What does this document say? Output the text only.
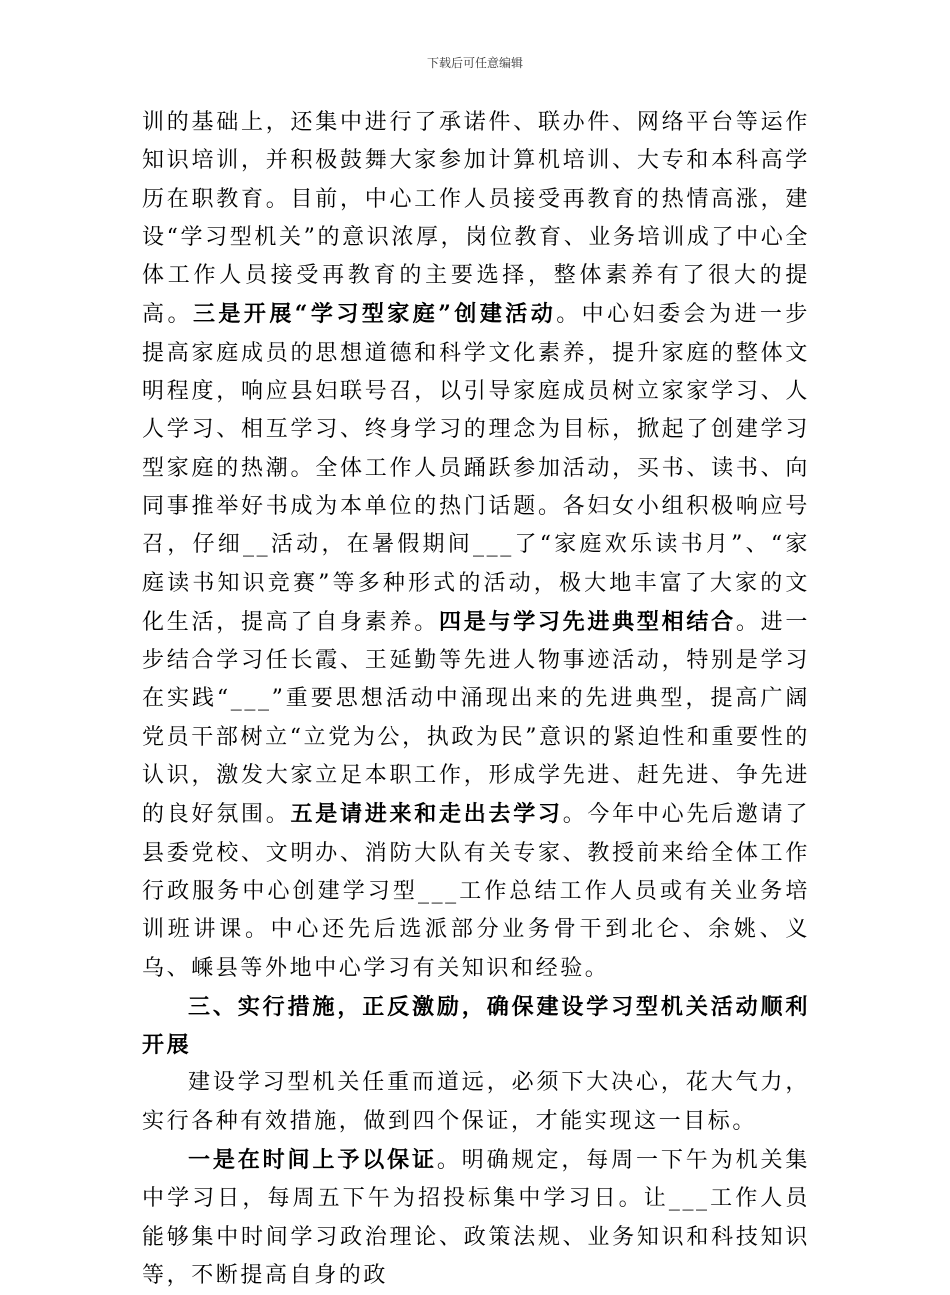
下载后可任意编辑

训的基础上，还集中进行了承诺件、联办件、网络平台等运作知识培训，并积极鼓舞大家参加计算机培训、大专和本科高学历在职教育。目前，中心工作人员接受再教育的热情高涨，建设“学习型机关”的意识浓厚，岗位教育、业务培训成了中心全体工作人员接受再教育的主要选择，整体素养有了很大的提高。三是开展“学习型家庭”创建活动。中心妇委会为进一步提高家庭成员的思想道德和科学文化素养，提升家庭的整体文明程度，响应县妇联号召，以引导家庭成员树立家家学习、人人学习、相互学习、终身学习的理念为目标，掀起了创建学习型家庭的热潮。全体工作人员踊跃参加活动，买书、读书、向同事推举好书成为本单位的热门话题。各妇女小组积极响应号召，仔细__活动，在暑假期间___了“家庭欢乐读书月”、“家庭读书知识竞赛”等多种形式的活动，极大地丰富了大家的文化生活，提高了自身素养。四是与学习先进典型相结合。进一步结合学习任长霞、王延勤等先进人物事迹活动，特别是学习在实践“___”重要思想活动中涌现出来的先进典型，提高广阔党员干部树立“立党为公，执政为民”意识的紧迫性和重要性的认识，激发大家立足本职工作，形成学先进、赶先进、争先进的良好氛围。五是请进来和走出去学习。今年中心先后邀请了县委党校、文明办、消防大队有关专家、教授前来给全体工作行政服务中心创建学习型___工作总结工作人员或有关业务培训班讲课。中心还先后选派部分业务骨干到北仑、余姚、义乌、嵊县等外地中心学习有关知识和经验。

三、实行措施，正反激励，确保建设学习型机关活动顺利开展

建设学习型机关任重而道远，必须下大决心，花大气力，实行各种有效措施，做到四个保证，才能实现这一目标。

一是在时间上予以保证。明确规定，每周一下午为机关集中学习日，每周五下午为招投标集中学习日。让___工作人员能够集中时间学习政治理论、政策法规、业务知识和科技知识等，不断提高自身的政
